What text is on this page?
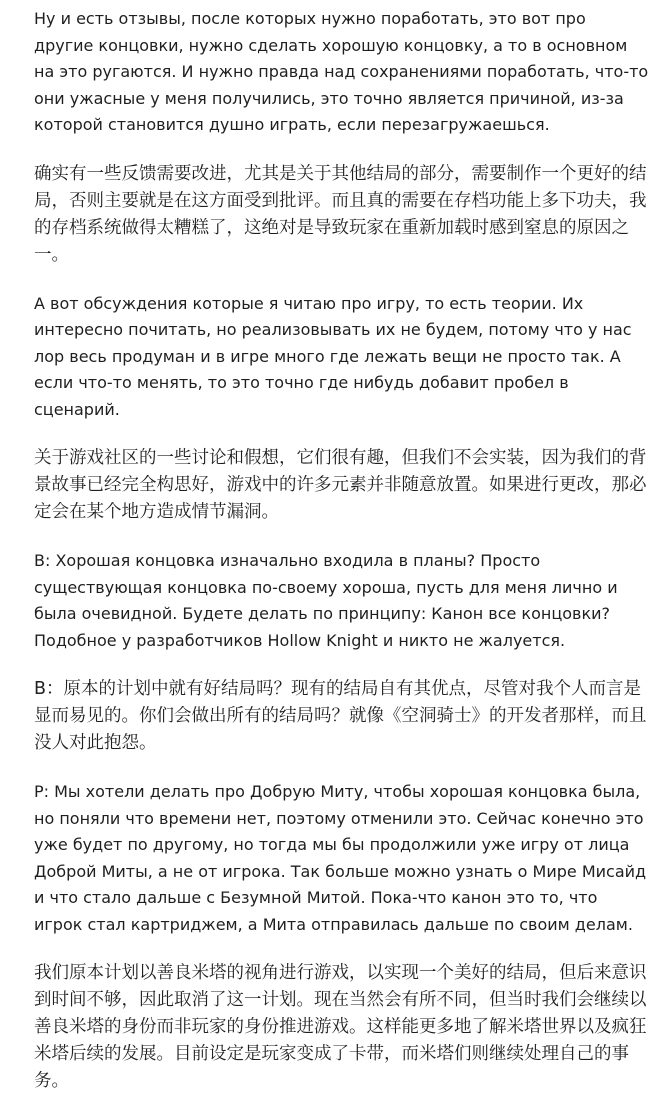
Ну и есть отзывы, после которых нужно поработать, это вот про другие концовки, нужно сделать хорошую концовку, а то в основном на это ругаются. И нужно правда над сохранениями поработать, что-то они ужасные у меня получились, это точно является причиной, из-за которой становится душно играть, если перезагружаешься.

确实有一些反馈需要改进，尤其是关于其他结局的部分，需要制作一个更好的结局，否则主要就是在这方面受到批评。而且真的需要在存档功能上多下功夫，我的存档系统做得太糟糕了，这绝对是导致玩家在重新加载时感到窒息的原因之一。

А вот обсуждения которые я читаю про игру, то есть теории. Их интересно почитать, но реализовывать их не будем, потому что у нас лор весь продуман и в игре много где лежать вещи не просто так. А если что-то менять, то это точно где нибудь добавит пробел в сценарий.

关于游戏社区的一些讨论和假想，它们很有趣，但我们不会实装，因为我们的背景故事已经完全构思好，游戏中的许多元素并非随意放置。如果进行更改，那必定会在某个地方造成情节漏洞。

В: Хорошая концовка изначально входила в планы? Просто существующая концовка по-своему хороша, пусть для меня лично и была очевидной. Будете делать по принципу: Канон все концовки? Подобное у разработчиков Hollow Knight и никто не жалуется.

B：原本的计划中就有好结局吗？现有的结局自有其优点，尽管对我个人而言是显而易见的。你们会做出所有的结局吗？就像《空洞骑士》的开发者那样，而且没人对此抱怨。

Р: Мы хотели делать про Добрую Миту, чтобы хорошая концовка была, но поняли что времени нет, поэтому отменили это. Сейчас конечно это уже будет по другому, но тогда мы бы продолжили уже игру от лица Доброй Миты, а не от игрока. Так больше можно узнать о Мире Мисайд и что стало дальше с Безумной Митой. Пока-что канон это то, что игрок стал картриджем, а Мита отправилась дальше по своим делам.

我们原本计划以善良米塔的视角进行游戏，以实现一个美好的结局，但后来意识到时间不够，因此取消了这一计划。现在当然会有所不同，但当时我们会继续以善良米塔的身份而非玩家的身份推进游戏。这样能更多地了解米塔世界以及疯狂米塔后续的发展。目前设定是玩家变成了卡带，而米塔们则继续处理自己的事务。
